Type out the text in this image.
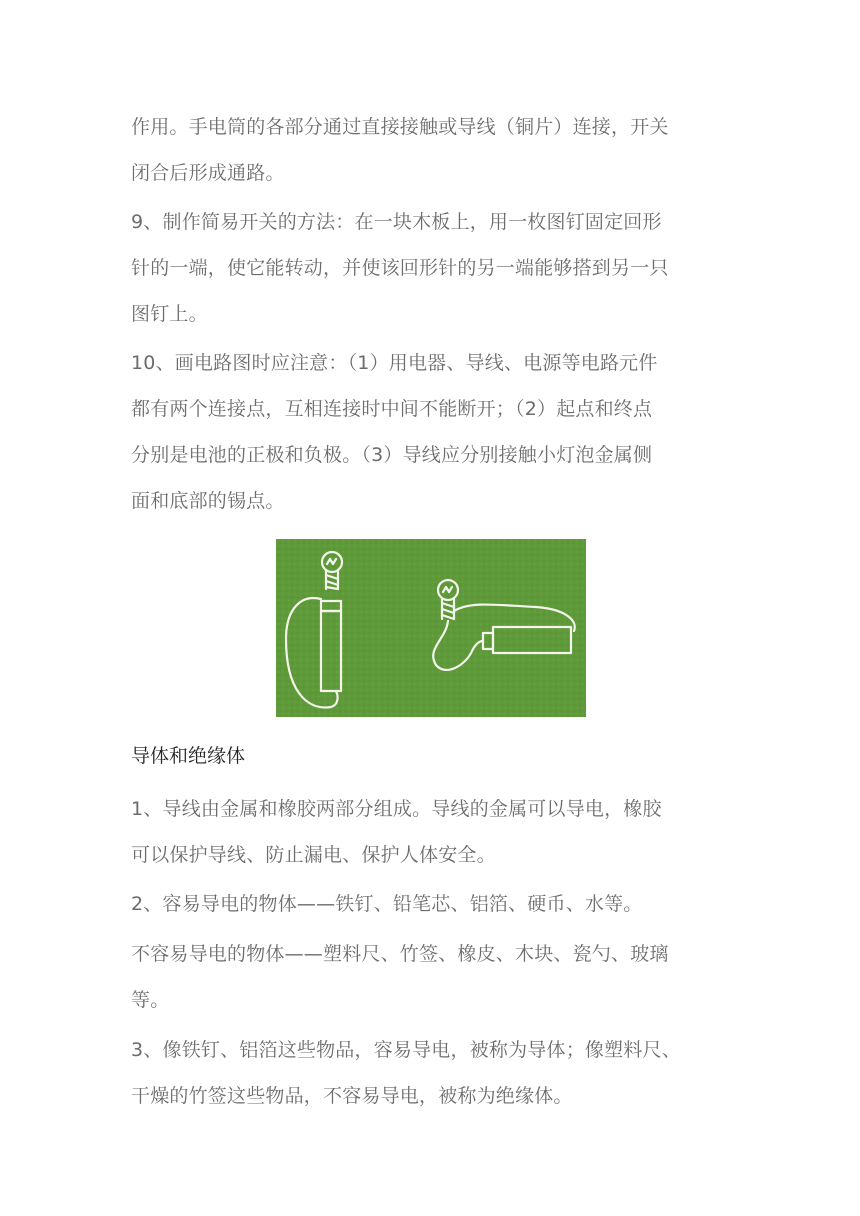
作用。手电筒的各部分通过直接接触或导线（铜片）连接，开关
闭合后形成通路。
9、制作简易开关的方法：在一块木板上，用一枚图钉固定回形
针的一端，使它能转动，并使该回形针的另一端能够搭到另一只
图钉上。
10、画电路图时应注意：（1）用电器、导线、电源等电路元件
都有两个连接点，互相连接时中间不能断开；（2）起点和终点
分别是电池的正极和负极。（3）导线应分别接触小灯泡金属侧
面和底部的锡点。
导体和绝缘体
1、导线由金属和橡胶两部分组成。导线的金属可以导电，橡胶
可以保护导线、防止漏电、保护人体安全。
2、容易导电的物体——铁钉、铅笔芯、铝箔、硬币、水等。
不容易导电的物体——塑料尺、竹签、橡皮、木块、瓷勺、玻璃
等。
3、像铁钉、铝箔这些物品，容易导电，被称为导体；像塑料尺、
干燥的竹签这些物品，不容易导电，被称为绝缘体。
